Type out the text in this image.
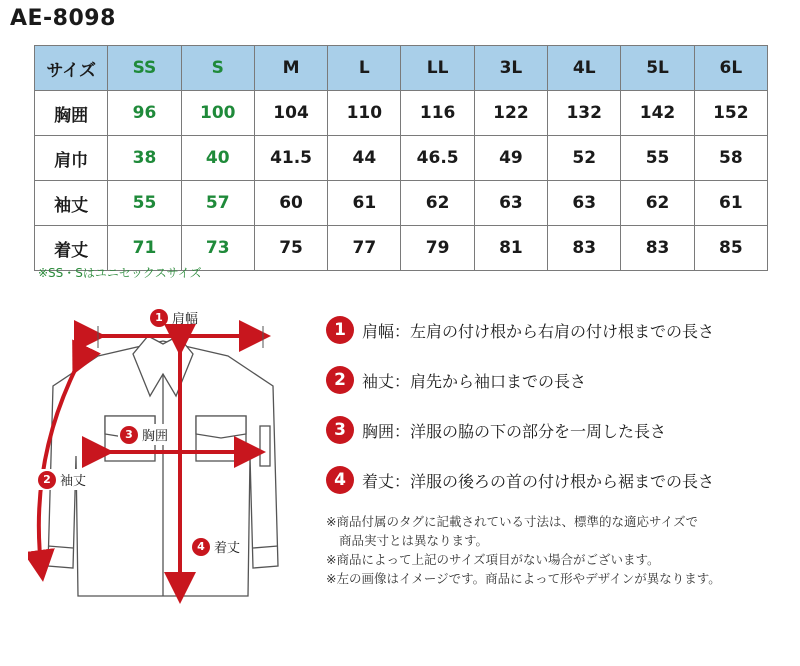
AE-8098
サイズ	SS	S	M	L	LL	3L	4L	5L	6L
胸囲	96	100	104	110	116	122	132	142	152
肩巾	38	40	41.5	44	46.5	49	52	55	58
袖丈	55	57	60	61	62	63	63	62	61
着丈	71	73	75	77	79	81	83	83	85
※SS・Sはユニセックスサイズ
1 肩幅
2 袖丈
3 胸囲
4 着丈
1	肩幅：左肩の付け根から右肩の付け根までの長さ
2	袖丈：肩先から袖口までの長さ
3	胸囲：洋服の脇の下の部分を一周した長さ
4	着丈：洋服の後ろの首の付け根から裾までの長さ
※商品付属のタグに記載されている寸法は、標準的な適応サイズで
商品実寸とは異なります。
※商品によって上記のサイズ項目がない場合がございます。
※左の画像はイメージです。商品によって形やデザインが異なります。
